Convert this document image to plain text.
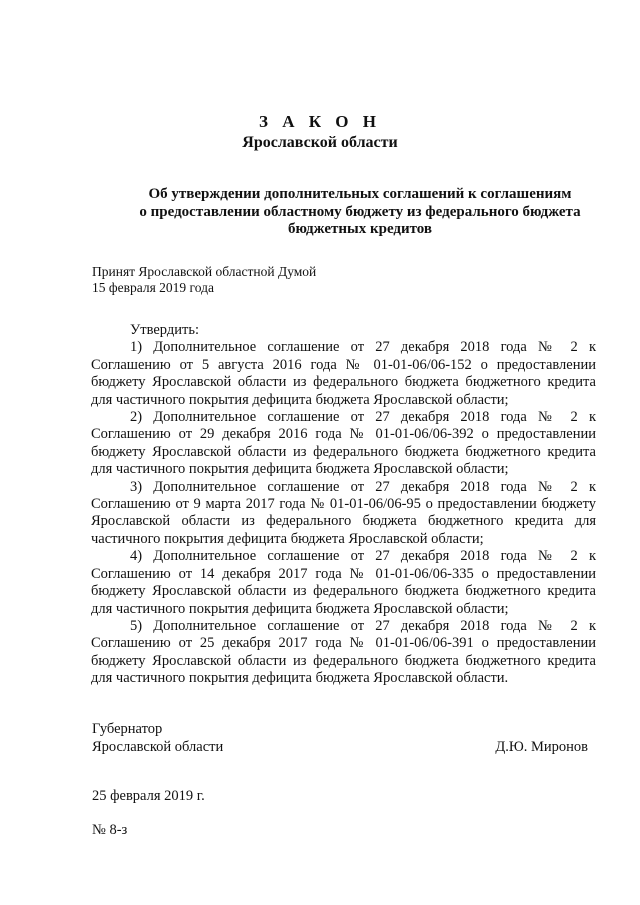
З А К О Н
Ярославской области
Об утверждении дополнительных соглашений к соглашениям
о предоставлении областному бюджету из федерального бюджета
бюджетных кредитов
Принят Ярославской областной Думой
15 февраля 2019 года

Утвердить:

1) Дополнительное соглашение от 27 декабря 2018 года № 2 к Соглашению от 5 августа 2016 года № 01-01-06/06-152 о предоставлении бюджету Ярославской области из федерального бюджета бюджетного кредита для частичного покрытия дефицита бюджета Ярославской области;

2) Дополнительное соглашение от 27 декабря 2018 года № 2 к Соглашению от 29 декабря 2016 года № 01-01-06/06-392 о предоставлении бюджету Ярославской области из федерального бюджета бюджетного кредита для частичного покрытия дефицита бюджета Ярославской области;

3) Дополнительное соглашение от 27 декабря 2018 года № 2 к Соглашению от 9 марта 2017 года № 01-01-06/06-95 о предоставлении бюджету Ярославской области из федерального бюджета бюджетного кредита для частичного покрытия дефицита бюджета Ярославской области;

4) Дополнительное соглашение от 27 декабря 2018 года № 2 к Соглашению от 14 декабря 2017 года № 01-01-06/06-335 о предоставлении бюджету Ярославской области из федерального бюджета бюджетного кредита для частичного покрытия дефицита бюджета Ярославской области;

5) Дополнительное соглашение от 27 декабря 2018 года № 2 к Соглашению от 25 декабря 2017 года № 01-01-06/06-391 о предоставлении бюджету Ярославской области из федерального бюджета бюджетного кредита для частичного покрытия дефицита бюджета Ярославской области.

Губернатор
Ярославской области	Д.Ю. Миронов
25 февраля 2019 г.
№ 8-з
